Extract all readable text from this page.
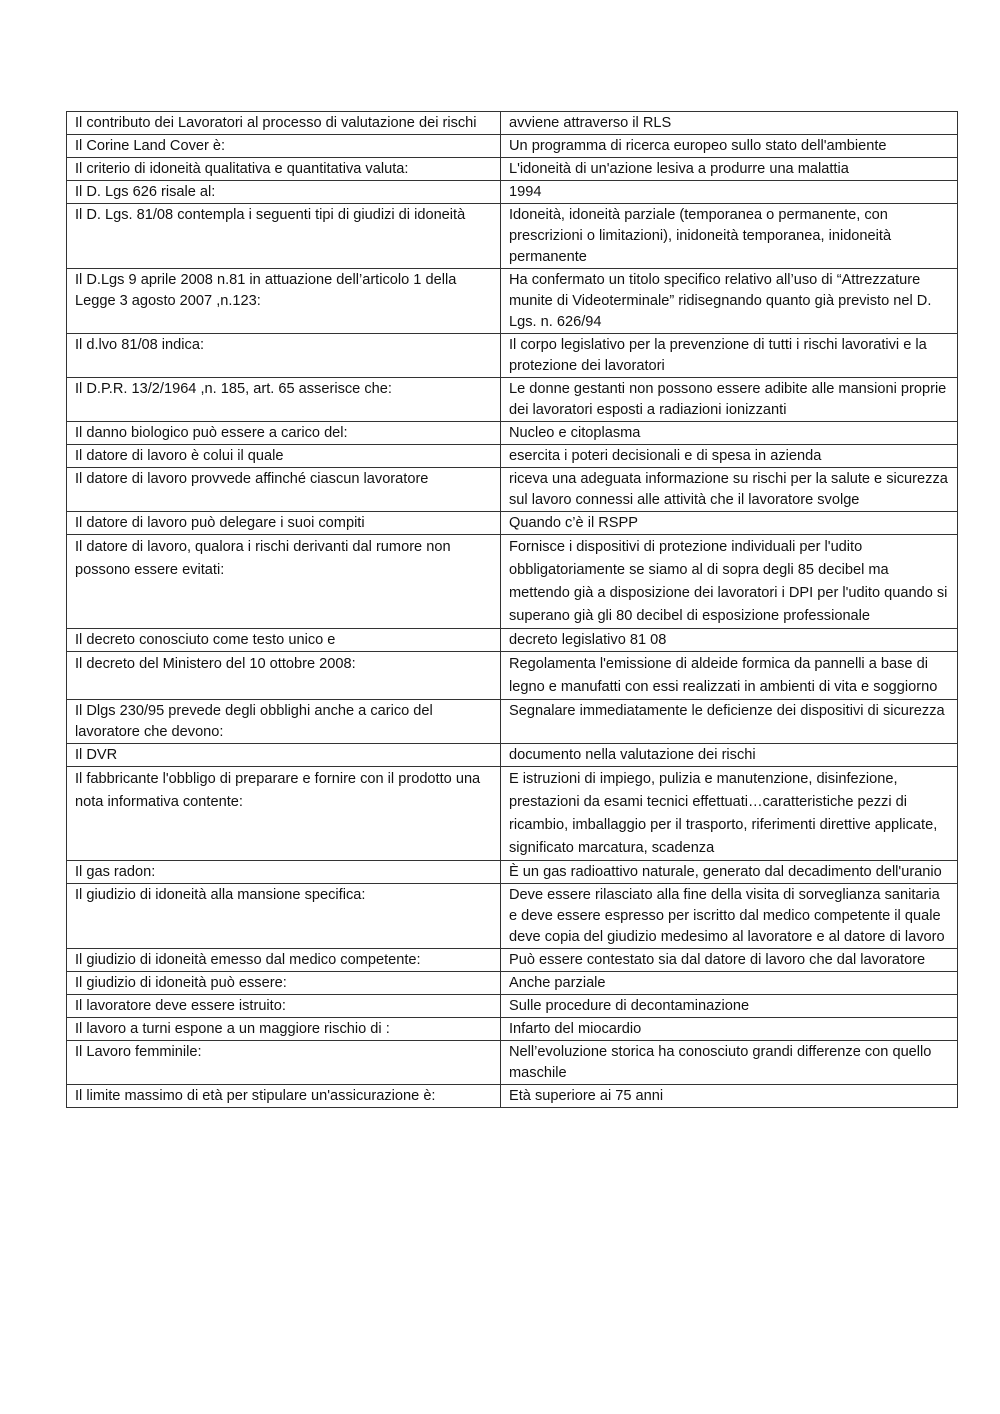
Il contributo dei Lavoratori al processo di valutazione dei rischi	avviene attraverso il RLS
Il Corine Land Cover è:	Un programma di ricerca europeo sullo stato dell'ambiente
Il criterio di idoneità qualitativa e quantitativa valuta:	L'idoneità di un'azione lesiva a produrre una malattia
Il D. Lgs 626 risale al:	1994
Il D. Lgs. 81/08 contempla i seguenti tipi di giudizi di idoneità	Idoneità, idoneità parziale (temporanea o permanente, con prescrizioni o limitazioni), inidoneità temporanea, inidoneità permanente
Il D.Lgs 9 aprile 2008 n.81 in attuazione dell’articolo 1 della Legge 3 agosto 2007 ,n.123:	Ha confermato un titolo specifico relativo all’uso di “Attrezzature munite di Videoterminale” ridisegnando quanto già previsto nel D. Lgs. n. 626/94
Il d.lvo 81/08 indica:	Il corpo legislativo per la prevenzione di tutti i rischi lavorativi e la protezione dei lavoratori
Il D.P.R. 13/2/1964 ,n. 185, art. 65 asserisce che:	Le donne gestanti non possono essere adibite alle mansioni proprie dei lavoratori esposti a radiazioni ionizzanti
Il danno biologico può essere a carico del:	Nucleo e citoplasma
Il datore di lavoro è colui il quale	esercita i poteri decisionali e di spesa in azienda
Il datore di lavoro provvede affinché ciascun lavoratore	riceva una adeguata informazione su rischi per la salute e sicurezza sul lavoro connessi alle attività che il lavoratore svolge
Il datore di lavoro può delegare i suoi compiti	Quando c’è il RSPP
Il datore di lavoro, qualora i rischi derivanti dal rumore non possono essere evitati:	Fornisce i dispositivi di protezione individuali per l'udito obbligatoriamente se siamo al di sopra degli 85 decibel ma mettendo già a disposizione dei lavoratori i DPI per l'udito quando si superano già gli 80 decibel di esposizione professionale
Il decreto conosciuto come testo unico e	decreto legislativo 81 08
Il decreto del Ministero del 10 ottobre 2008:	Regolamenta l'emissione di aldeide formica da pannelli a base di legno e manufatti con essi realizzati in ambienti di vita e soggiorno
Il Dlgs 230/95 prevede degli obblighi anche a carico del lavoratore che devono:	Segnalare immediatamente le deficienze dei dispositivi di sicurezza
Il DVR	documento nella valutazione dei rischi
Il fabbricante l'obbligo di preparare e fornire con il prodotto una nota informativa contente:	E istruzioni di impiego, pulizia e manutenzione, disinfezione, prestazioni da esami tecnici effettuati…caratteristiche pezzi di ricambio, imballaggio per il trasporto, riferimenti direttive applicate, significato marcatura, scadenza
Il gas radon:	È un gas radioattivo naturale, generato dal decadimento dell'uranio
Il giudizio di idoneità alla mansione specifica:	Deve essere rilasciato alla fine della visita di sorveglianza sanitaria e deve essere espresso per iscritto dal medico competente il quale deve copia del giudizio medesimo al lavoratore e al datore di lavoro
Il giudizio di idoneità emesso dal medico competente:	Può essere contestato sia dal datore di lavoro che dal lavoratore
Il giudizio di idoneità può essere:	Anche parziale
Il lavoratore deve essere istruito:	Sulle procedure di decontaminazione
Il lavoro a turni espone a un maggiore rischio di :	Infarto del miocardio
Il Lavoro femminile:	Nell’evoluzione storica ha conosciuto grandi differenze con quello maschile
Il limite massimo di età per stipulare un'assicurazione è:	Età superiore ai 75 anni
